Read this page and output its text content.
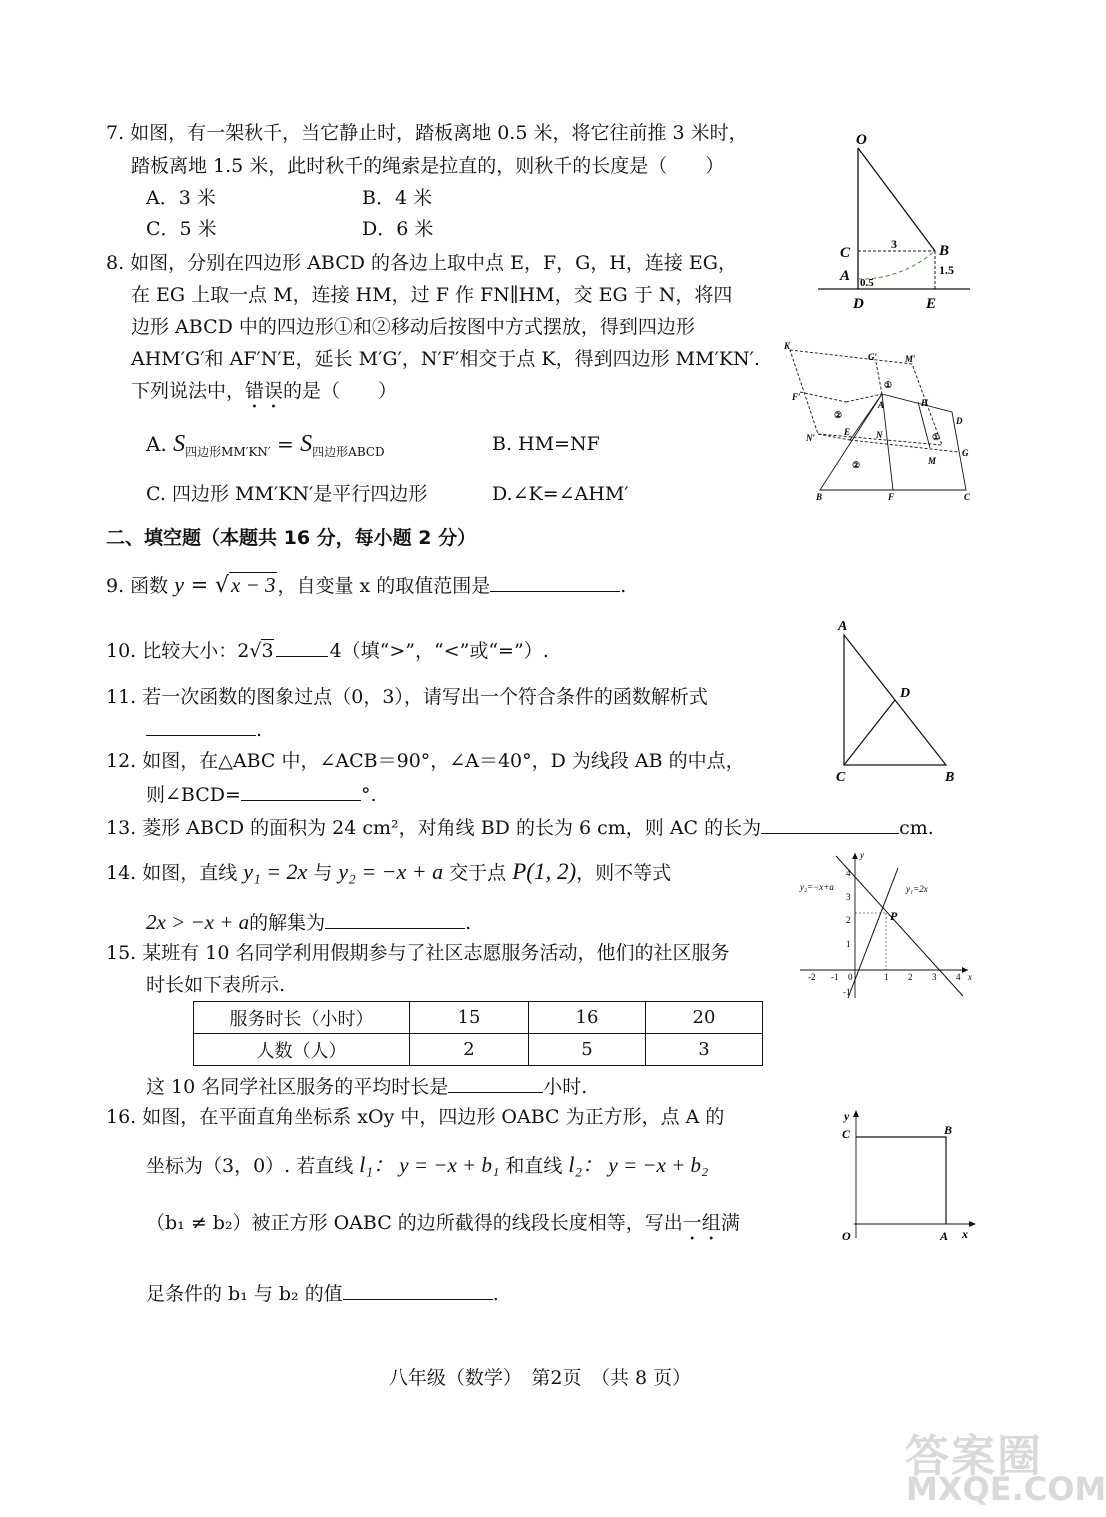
7. 如图，有一架秋千，当它静止时，踏板离地 0.5 米，将它往前推 3 米时，
踏板离地 1.5 米，此时秋千的绳索是拉直的，则秋千的长度是（　　）
A．3 米	B．4 米
C．5 米	D．6 米
O
C
A
D
B
E
3
1.5
0.5
8. 如图，分别在四边形 ABCD 的各边上取中点 E，F，G，H，连接 EG，
在 EG 上取一点 M，连接 HM，过 F 作 FN∥HM，交 EG 于 N，将四
边形 ABCD 中的四边形①和②移动后按图中方式摆放，得到四边形
AHM′G′和 AF′N′E，延长 M′G′，N′F′相交于点 K，得到四边形 MM′KN′.
下列说法中，错误的是（　　）
A. $S_{四边形MM'KN'} = S_{四边形ABCD}$	B. HM=NF
C. 四边形 MM′KN′是平行四边形	D.∠K=∠AHM′
K
G′	M′
F′
①
A	H
D
②
①
N′
E	N
G
M
②
B	F	C
二、填空题（本题共 16 分，每小题 2 分）
9. 函数 y = √x − 3 ，自变量 x 的取值范围是	.
10. 比较大小：2√3	4（填“>”，“<”或“=”）.
11. 若一次函数的图象过点（0，3），请写出一个符合条件的函数解析式
.
A
D
C	B
12. 如图，在△ABC 中，∠ACB＝90°，∠A＝40°，D 为线段 AB 的中点，
则∠BCD=	°.
13. 菱形 ABCD 的面积为 24 cm²，对角线 BD 的长为 6 cm，则 AC 的长为	cm.
14. 如图，直线 y₁ = 2x 与 y₂ = −x + a 交于点 P(1, 2)，则不等式
2x > −x + a的解集为	.
y₂=−x+a	y₁=2x
y
x
P
0
-2 -1	1 2 3 4
4
3
2
1
-1
15. 某班有 10 名同学利用假期参与了社区志愿服务活动，他们的社区服务
时长如下表所示.
服务时长（小时）	15	16	20
人数（人）	2	5	3
这 10 名同学社区服务的平均时长是	小时.
16. 如图，在平面直角坐标系 xOy 中，四边形 OABC 为正方形，点 A 的
坐标为（3，0）. 若直线 l₁： y = −x + b₁ 和直线 l₂： y = −x + b₂
（b₁ ≠ b₂）被正方形 OABC 的边所截得的线段长度相等，写出一组满
足条件的 b₁ 与 b₂ 的值	.
y
C	B
O	A x
八年级（数学）　第2页　（共 8 页）
答案圈
MXQE.COM
